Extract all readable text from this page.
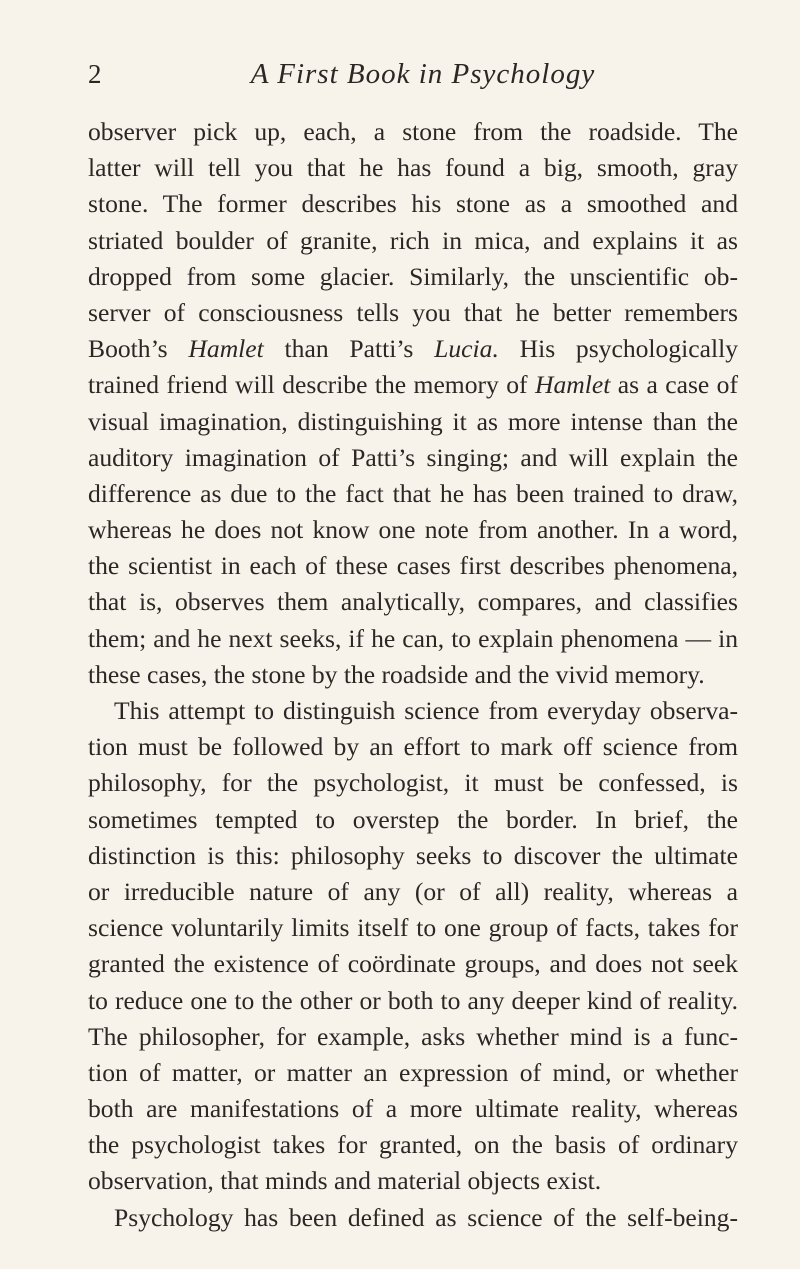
2	A First Book in Psychology
observer pick up, each, a stone from the roadside. The
latter will tell you that he has found a big, smooth, gray
stone. The former describes his stone as a smoothed and
striated boulder of granite, rich in mica, and explains it as
dropped from some glacier. Similarly, the unscientific ob-
server of consciousness tells you that he better remembers
Booth’s Hamlet than Patti’s Lucia. His psychologically
trained friend will describe the memory of Hamlet as a case of
visual imagination, distinguishing it as more intense than the
auditory imagination of Patti’s singing; and will explain the
difference as due to the fact that he has been trained to draw,
whereas he does not know one note from another. In a word,
the scientist in each of these cases first describes phenomena,
that is, observes them analytically, compares, and classifies
them; and he next seeks, if he can, to explain phenomena — in
these cases, the stone by the roadside and the vivid memory.
This attempt to distinguish science from everyday observa-
tion must be followed by an effort to mark off science from
philosophy, for the psychologist, it must be confessed, is
sometimes tempted to overstep the border. In brief, the
distinction is this: philosophy seeks to discover the ultimate
or irreducible nature of any (or of all) reality, whereas a
science voluntarily limits itself to one group of facts, takes for
granted the existence of coördinate groups, and does not seek
to reduce one to the other or both to any deeper kind of reality.
The philosopher, for example, asks whether mind is a func-
tion of matter, or matter an expression of mind, or whether
both are manifestations of a more ultimate reality, whereas
the psychologist takes for granted, on the basis of ordinary
observation, that minds and material objects exist.
Psychology has been defined as science of the self-being-
